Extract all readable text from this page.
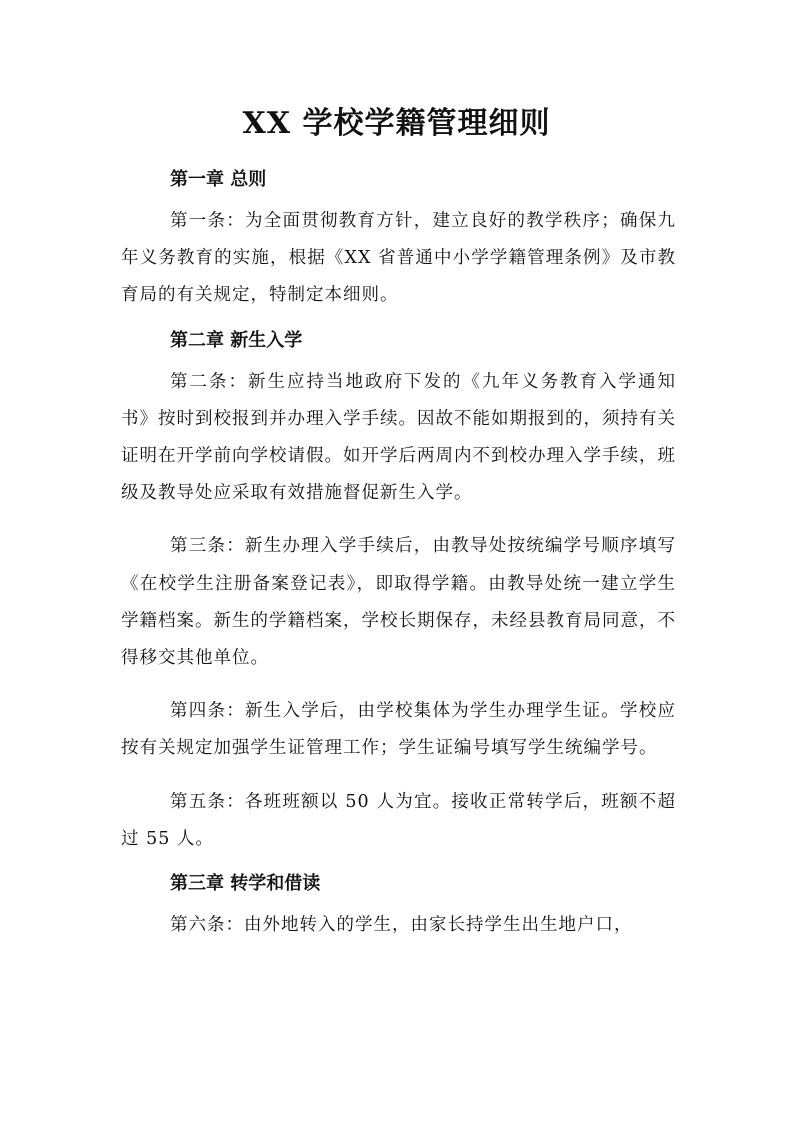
XX 学校学籍管理细则
第一章 总则

第一条：为全面贯彻教育方针，建立良好的教学秩序；确保九年义务教育的实施，根据《XX 省普通中小学学籍管理条例》及市教育局的有关规定，特制定本细则。

第二章 新生入学

第二条：新生应持当地政府下发的《九年义务教育入学通知书》按时到校报到并办理入学手续。因故不能如期报到的，须持有关证明在开学前向学校请假。如开学后两周内不到校办理入学手续，班级及教导处应采取有效措施督促新生入学。

第三条：新生办理入学手续后，由教导处按统编学号顺序填写《在校学生注册备案登记表》，即取得学籍。由教导处统一建立学生学籍档案。新生的学籍档案，学校长期保存，未经县教育局同意，不得移交其他单位。

第四条：新生入学后，由学校集体为学生办理学生证。学校应按有关规定加强学生证管理工作；学生证编号填写学生统编学号。

第五条：各班班额以 50 人为宜。接收正常转学后，班额不超过 55 人。

第三章 转学和借读

第六条：由外地转入的学生，由家长持学生出生地户口，
